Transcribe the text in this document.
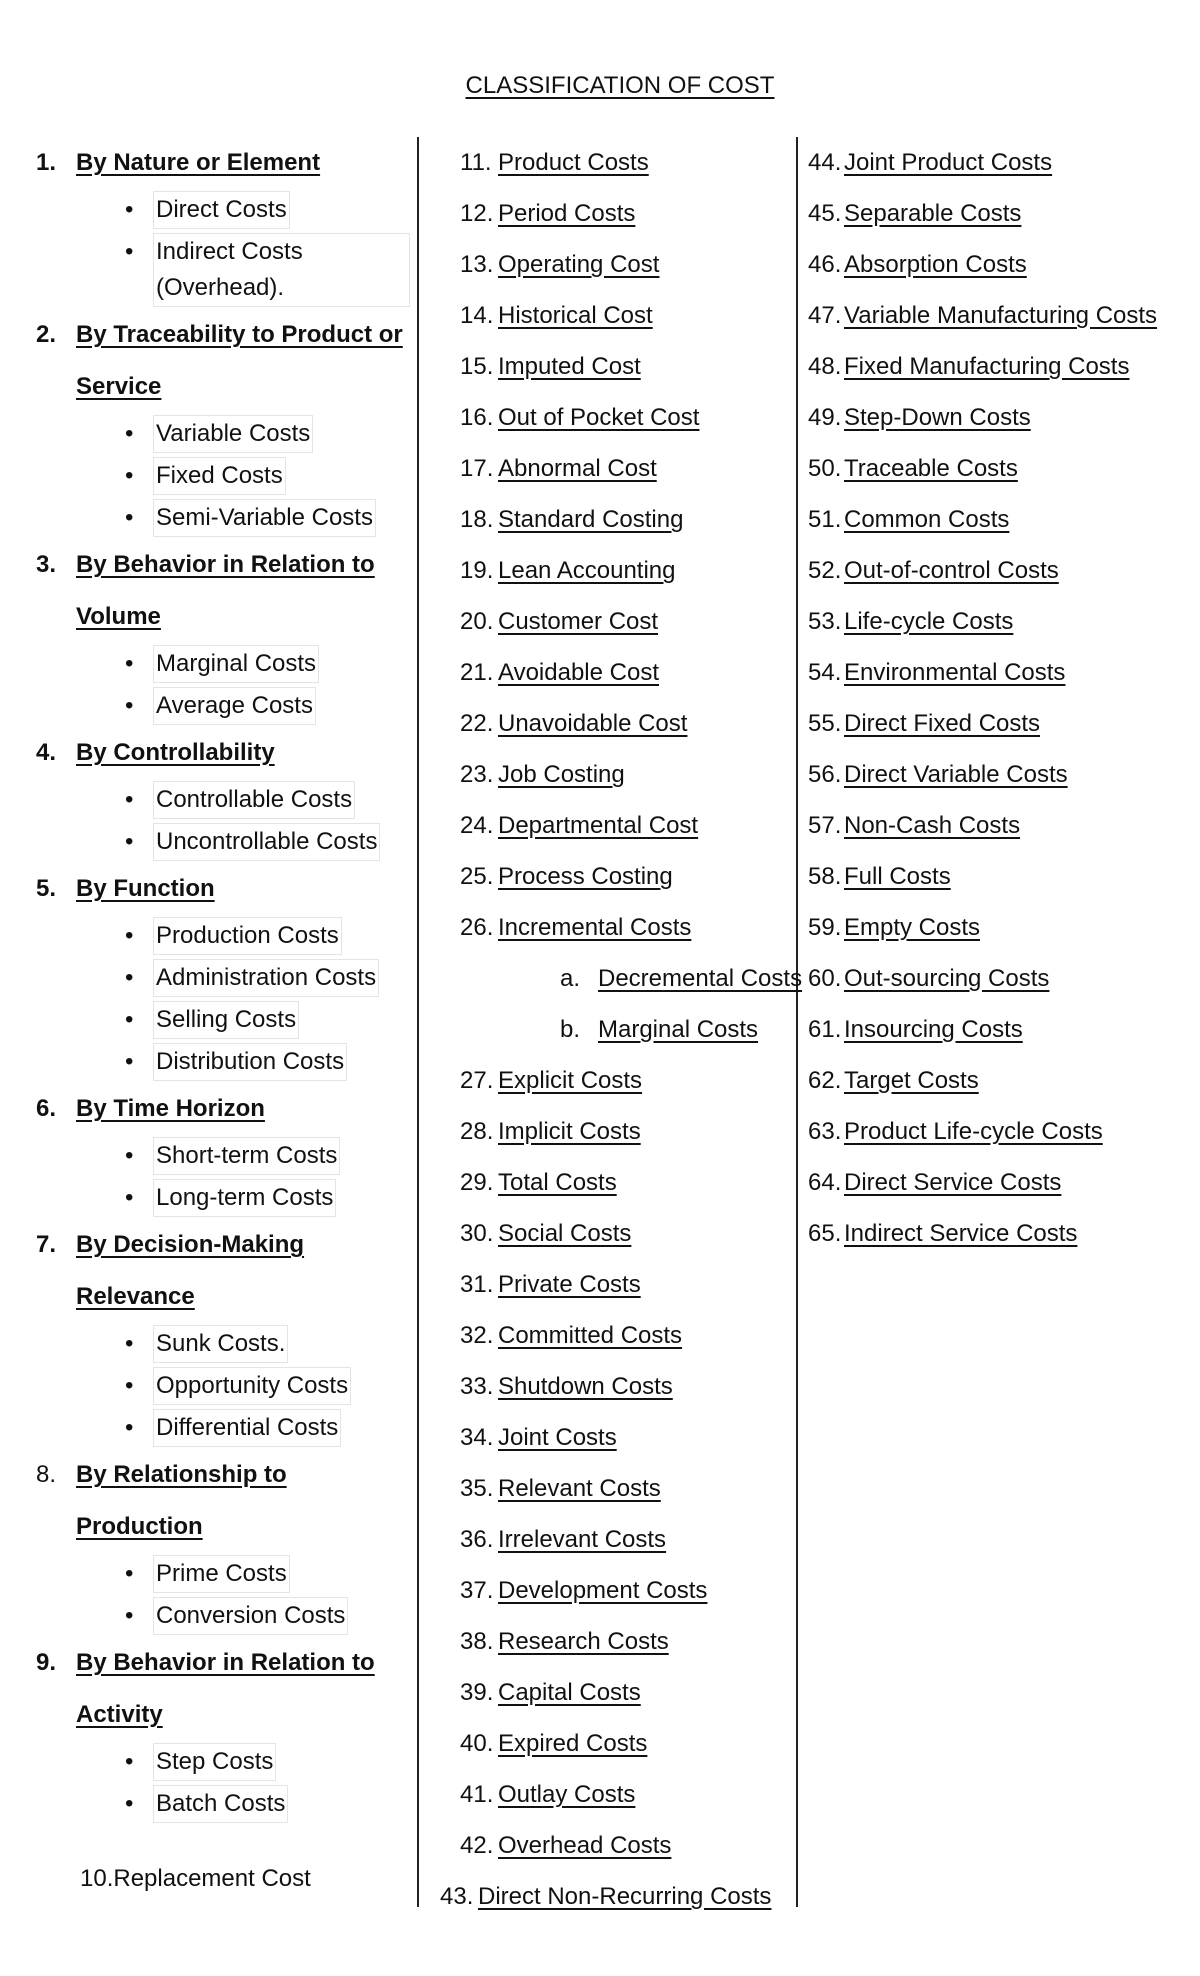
CLASSIFICATION OF COST
1. By Nature or Element
• Direct Costs
• Indirect Costs (Overhead).
2. By Traceability to Product or Service
• Variable Costs
• Fixed Costs
• Semi-Variable Costs
3. By Behavior in Relation to Volume
• Marginal Costs
• Average Costs
4. By Controllability
• Controllable Costs
• Uncontrollable Costs
5. By Function
• Production Costs
• Administration Costs
• Selling Costs
• Distribution Costs
6. By Time Horizon
• Short-term Costs
• Long-term Costs
7. By Decision-Making Relevance
• Sunk Costs.
• Opportunity Costs
• Differential Costs
8. By Relationship to Production
• Prime Costs
• Conversion Costs
9. By Behavior in Relation to Activity
• Step Costs
• Batch Costs
10.Replacement Cost
11. Product Costs
12. Period Costs
13. Operating Cost
14. Historical Cost
15. Imputed Cost
16. Out of Pocket Cost
17. Abnormal Cost
18. Standard Costing
19. Lean Accounting
20. Customer Cost
21. Avoidable Cost
22. Unavoidable Cost
23. Job Costing
24. Departmental Cost
25. Process Costing
26. Incremental Costs
a. Decremental Costs
b. Marginal Costs
27. Explicit Costs
28. Implicit Costs
29. Total Costs
30. Social Costs
31. Private Costs
32. Committed Costs
33. Shutdown Costs
34. Joint Costs
35. Relevant Costs
36. Irrelevant Costs
37. Development Costs
38. Research Costs
39. Capital Costs
40. Expired Costs
41. Outlay Costs
42. Overhead Costs
43. Direct Non-Recurring Costs
44. Joint Product Costs
45. Separable Costs
46. Absorption Costs
47. Variable Manufacturing Costs
48. Fixed Manufacturing Costs
49. Step-Down Costs
50. Traceable Costs
51. Common Costs
52. Out-of-control Costs
53. Life-cycle Costs
54. Environmental Costs
55. Direct Fixed Costs
56. Direct Variable Costs
57. Non-Cash Costs
58. Full Costs
59. Empty Costs
60. Out-sourcing Costs
61. Insourcing Costs
62. Target Costs
63. Product Life-cycle Costs
64. Direct Service Costs
65. Indirect Service Costs
